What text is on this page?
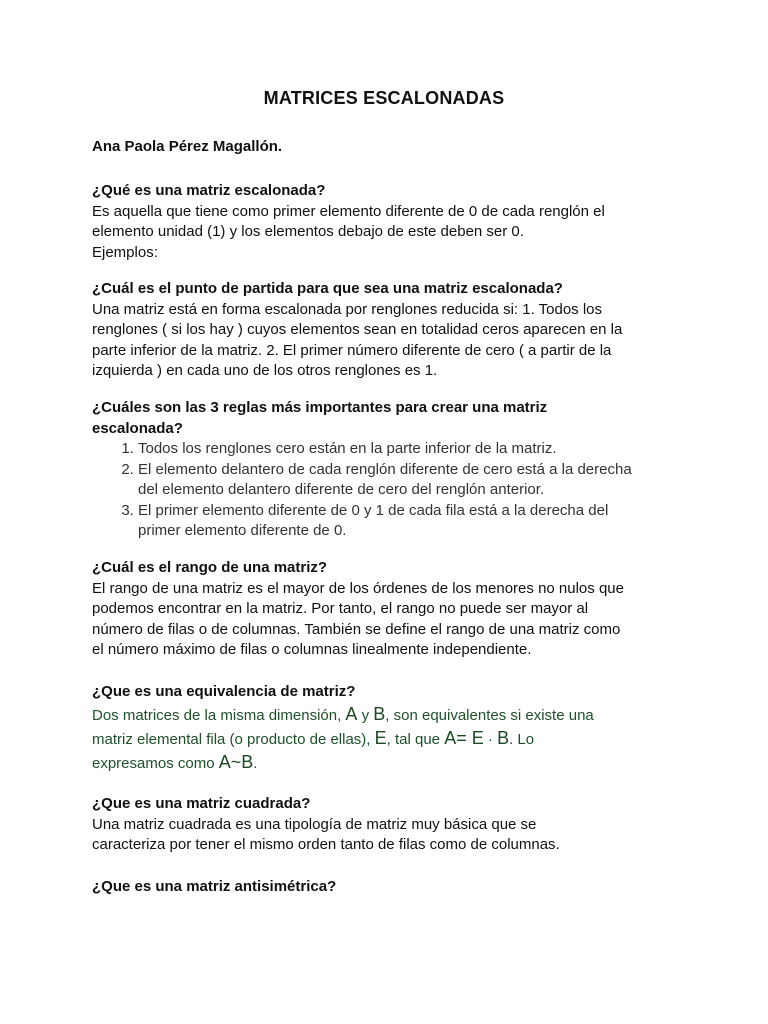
MATRICES ESCALONADAS
Ana Paola Pérez Magallón.
¿Qué es una matriz escalonada?
Es aquella que tiene como primer elemento diferente de 0 de cada renglón el
elemento unidad (1) y los elementos debajo de este deben ser 0.
Ejemplos:
¿Cuál es el punto de partida para que sea una matriz escalonada?
Una matriz está en forma escalonada por renglones reducida si: 1. Todos los
renglones ( si los hay ) cuyos elementos sean en totalidad ceros aparecen en la
parte inferior de la matriz. 2. El primer número diferente de cero ( a partir de la
izquierda ) en cada uno de los otros renglones es 1.
¿Cuáles son las 3 reglas más importantes para crear una matriz
escalonada?
1. Todos los renglones cero están en la parte inferior de la matriz.
2. El elemento delantero de cada renglón diferente de cero está a la derecha
del elemento delantero diferente de cero del renglón anterior.
3. El primer elemento diferente de 0 y 1 de cada fila está a la derecha del
primer elemento diferente de 0.
¿Cuál es el rango de una matriz?
El rango de una matriz es el mayor de los órdenes de los menores no nulos que
podemos encontrar en la matriz. Por tanto, el rango no puede ser mayor al
número de filas o de columnas. También se define el rango de una matriz como
el número máximo de filas o columnas linealmente independiente.
¿Que es una equivalencia de matriz?
Dos matrices de la misma dimensión, A y B, son equivalentes si existe una
matriz elemental fila (o producto de ellas), E, tal que A= E · B. Lo
expresamos como A~B.
¿Que es una matriz cuadrada?
Una matriz cuadrada es una tipología de matriz muy básica que se
caracteriza por tener el mismo orden tanto de filas como de columnas.
¿Que es una matriz antisimétrica?
